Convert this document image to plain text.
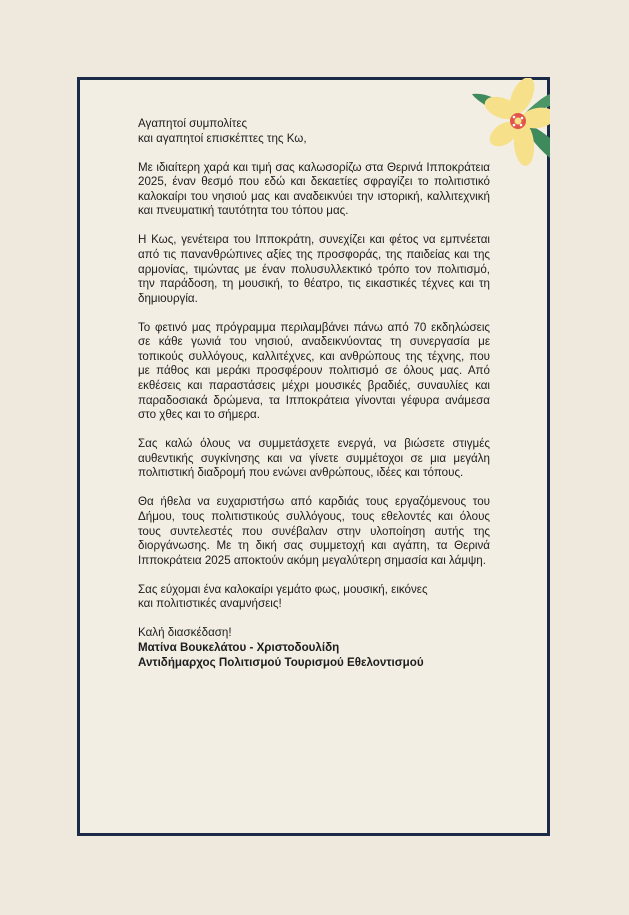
Αγαπητοί συμπολίτες
και αγαπητοί επισκέπτες της Κω,

Με ιδιαίτερη χαρά και τιμή σας καλωσορίζω στα Θερινά Ιπποκράτεια 2025, έναν θεσμό που εδώ και δεκαετίες σφραγίζει το πολιτιστικό καλοκαίρι του νησιού μας και αναδεικνύει την ιστορική, καλλιτεχνική και πνευματική ταυτότητα του τόπου μας.

Η Κως, γενέτειρα του Ιπποκράτη, συνεχίζει και φέτος να εμπνέεται από τις πανανθρώπινες αξίες της προσφοράς, της παιδείας και της αρμονίας, τιμώντας με έναν πολυσυλλεκτικό τρόπο τον πολιτισμό, την παράδοση, τη μουσική, το θέατρο, τις εικαστικές τέχνες και τη δημιουργία.

Το φετινό μας πρόγραμμα περιλαμβάνει πάνω από 70 εκδηλώσεις σε κάθε γωνιά του νησιού, αναδεικνύοντας τη συνεργασία με τοπικούς συλλόγους, καλλιτέχνες, και ανθρώπους της τέχνης, που με πάθος και μεράκι προσφέρουν πολιτισμό σε όλους μας. Από εκθέσεις και παραστάσεις μέχρι μουσικές βραδιές, συναυλίες και παραδοσιακά δρώμενα, τα Ιπποκράτεια γίνονται γέφυρα ανάμεσα στο χθες και το σήμερα.

Σας καλώ όλους να συμμετάσχετε ενεργά, να βιώσετε στιγμές αυθεντικής συγκίνησης και να γίνετε συμμέτοχοι σε μια μεγάλη πολιτιστική διαδρομή που ενώνει ανθρώπους, ιδέες και τόπους.

Θα ήθελα να ευχαριστήσω από καρδιάς τους εργαζόμενους του Δήμου, τους πολιτιστικούς συλλόγους, τους εθελοντές και όλους τους συντελεστές που συνέβαλαν στην υλοποίηση αυτής της διοργάνωσης. Με τη δική σας συμμετοχή και αγάπη, τα Θερινά Ιπποκράτεια 2025 αποκτούν ακόμη μεγαλύτερη σημασία και λάμψη.

Σας εύχομαι ένα καλοκαίρι γεμάτο φως, μουσική, εικόνες
και πολιτιστικές αναμνήσεις!

Καλή διασκέδαση!
Ματίνα Βουκελάτου - Χριστοδουλίδη
Αντιδήμαρχος Πολιτισμού Τουρισμού Εθελοντισμού
